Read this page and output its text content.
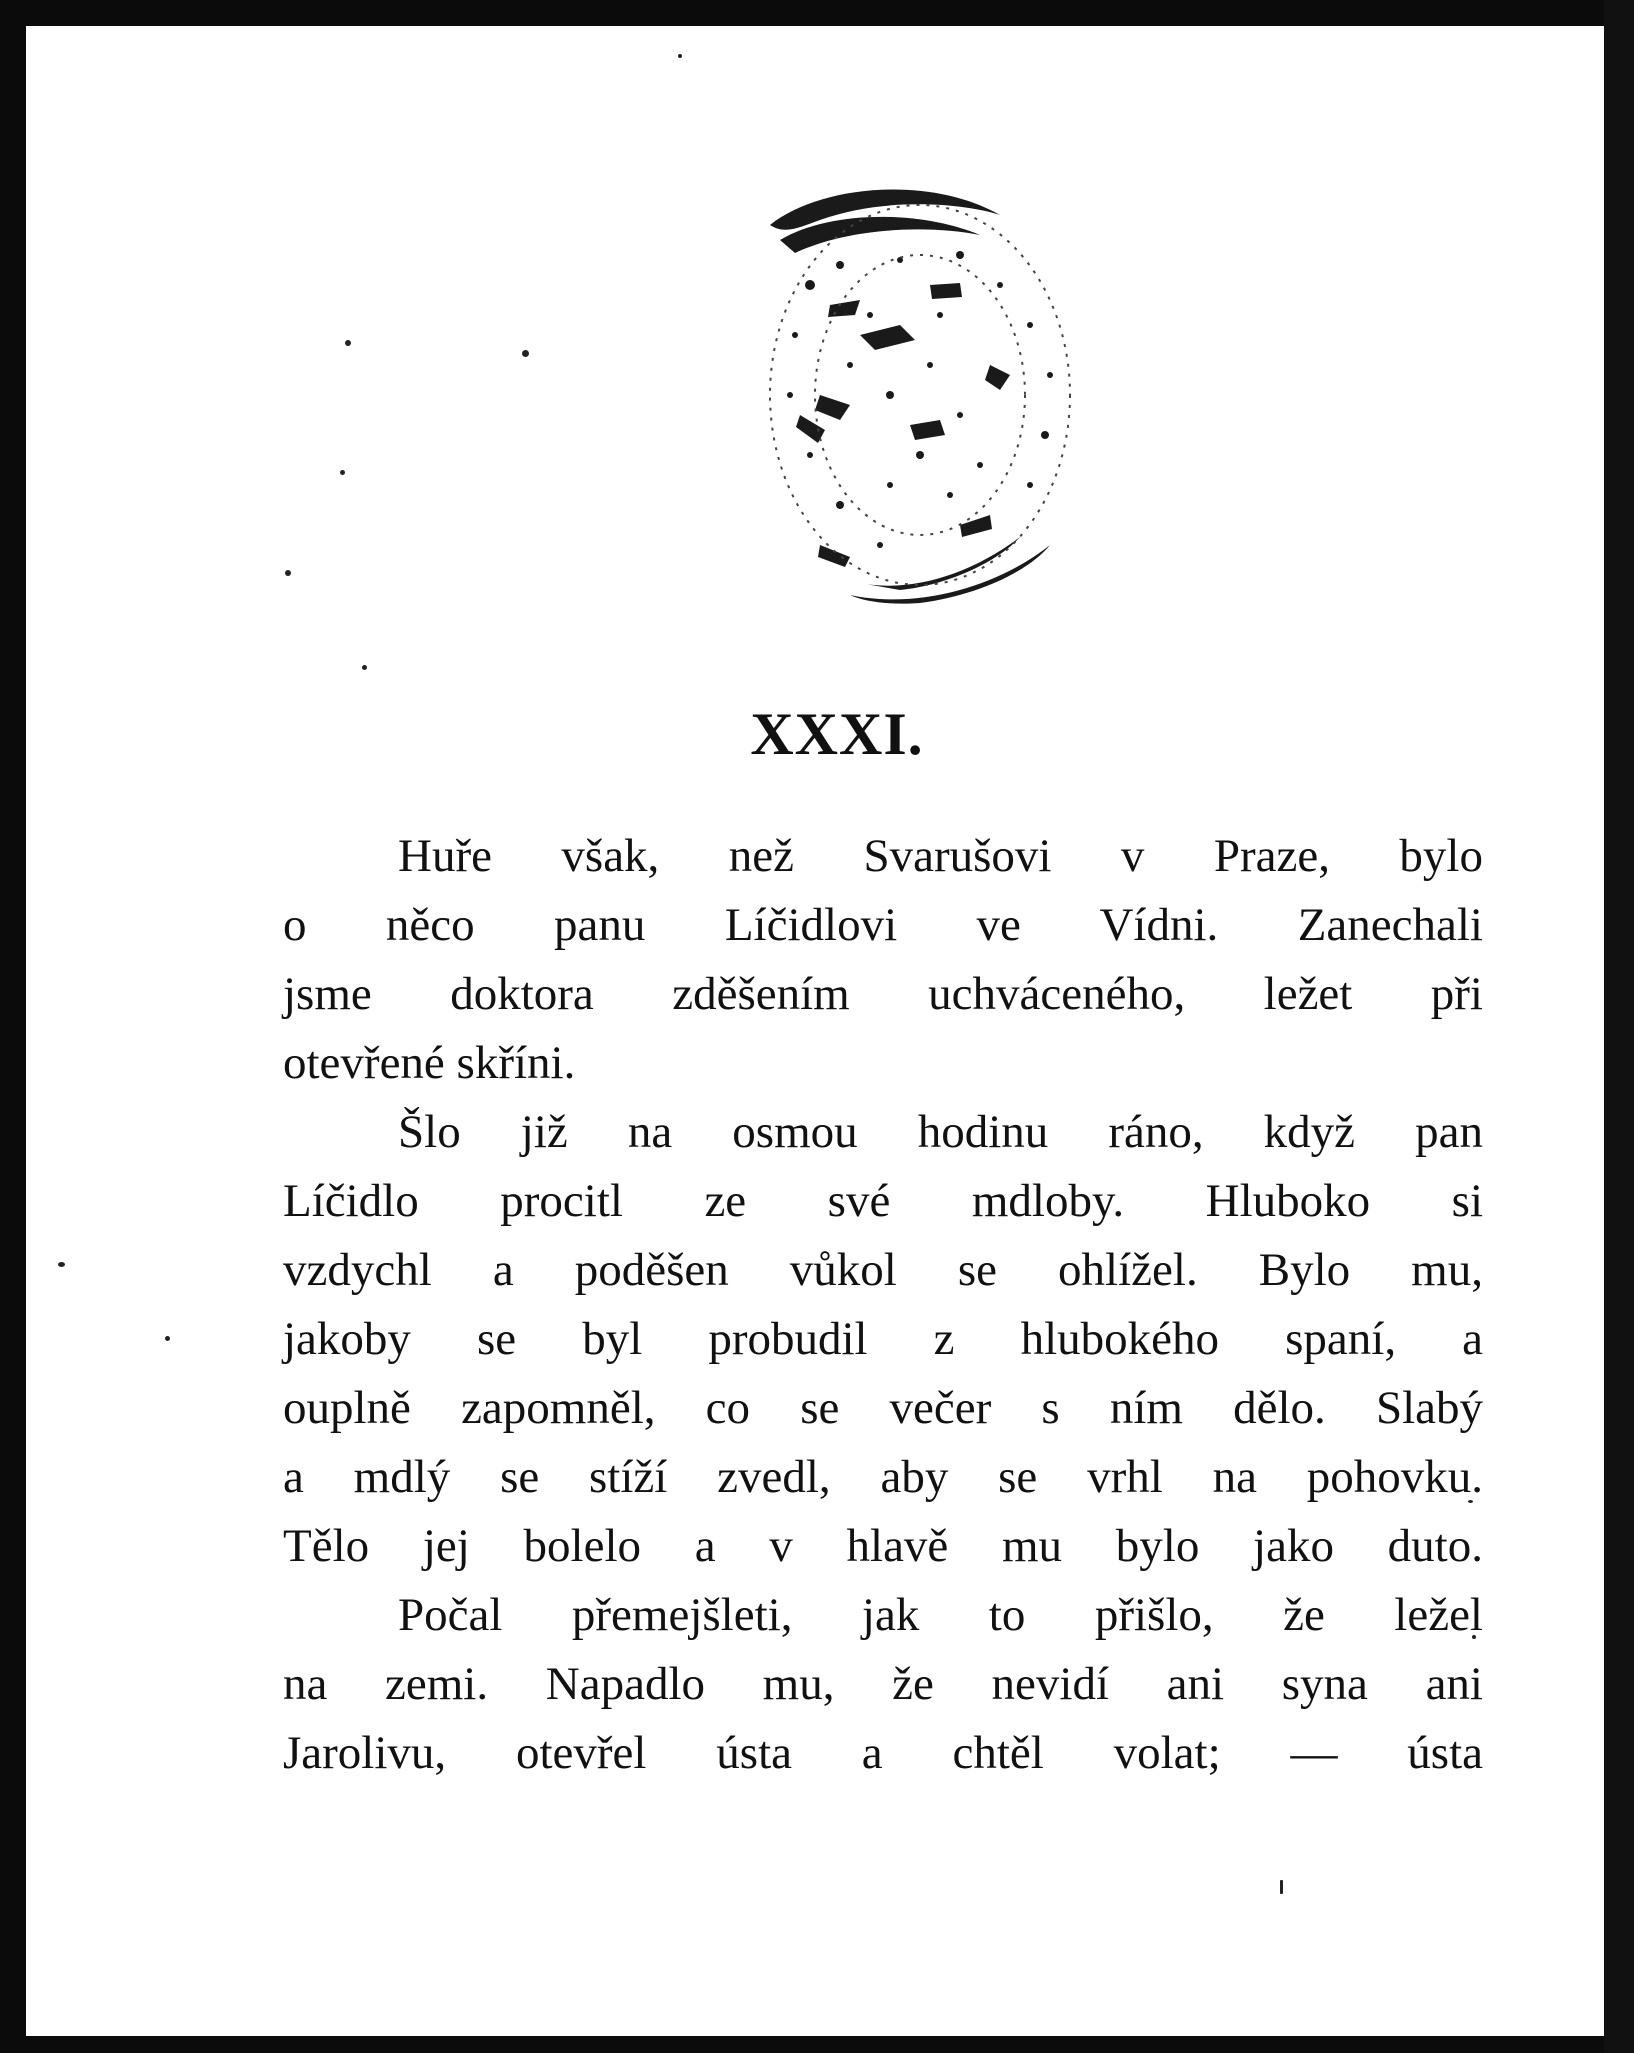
XXXI.
Huře však, než Svarušovi v Praze, bylo
o něco panu Líčidlovi ve Vídni. Zanechali
jsme doktora zděšením uchváceného, ležet při
otevřené skříni.
Šlo již na osmou hodinu ráno, když pan
Líčidlo procitl ze své mdloby. Hluboko si
vzdychl a poděšen vůkol se ohlížel. Bylo mu,
jakoby se byl probudil z hlubokého spaní, a
ouplně zapomněl, co se večer s ním dělo. Slabý
a mdlý se stíží zvedl, aby se vrhl na pohovku.
Tělo jej bolelo a v hlavě mu bylo jako duto.
Počal přemejšleti, jak to přišlo, že ležel
na zemi. Napadlo mu, že nevidí ani syna ani
Jarolivu, otevřel ústa a chtěl volat; — ústa
